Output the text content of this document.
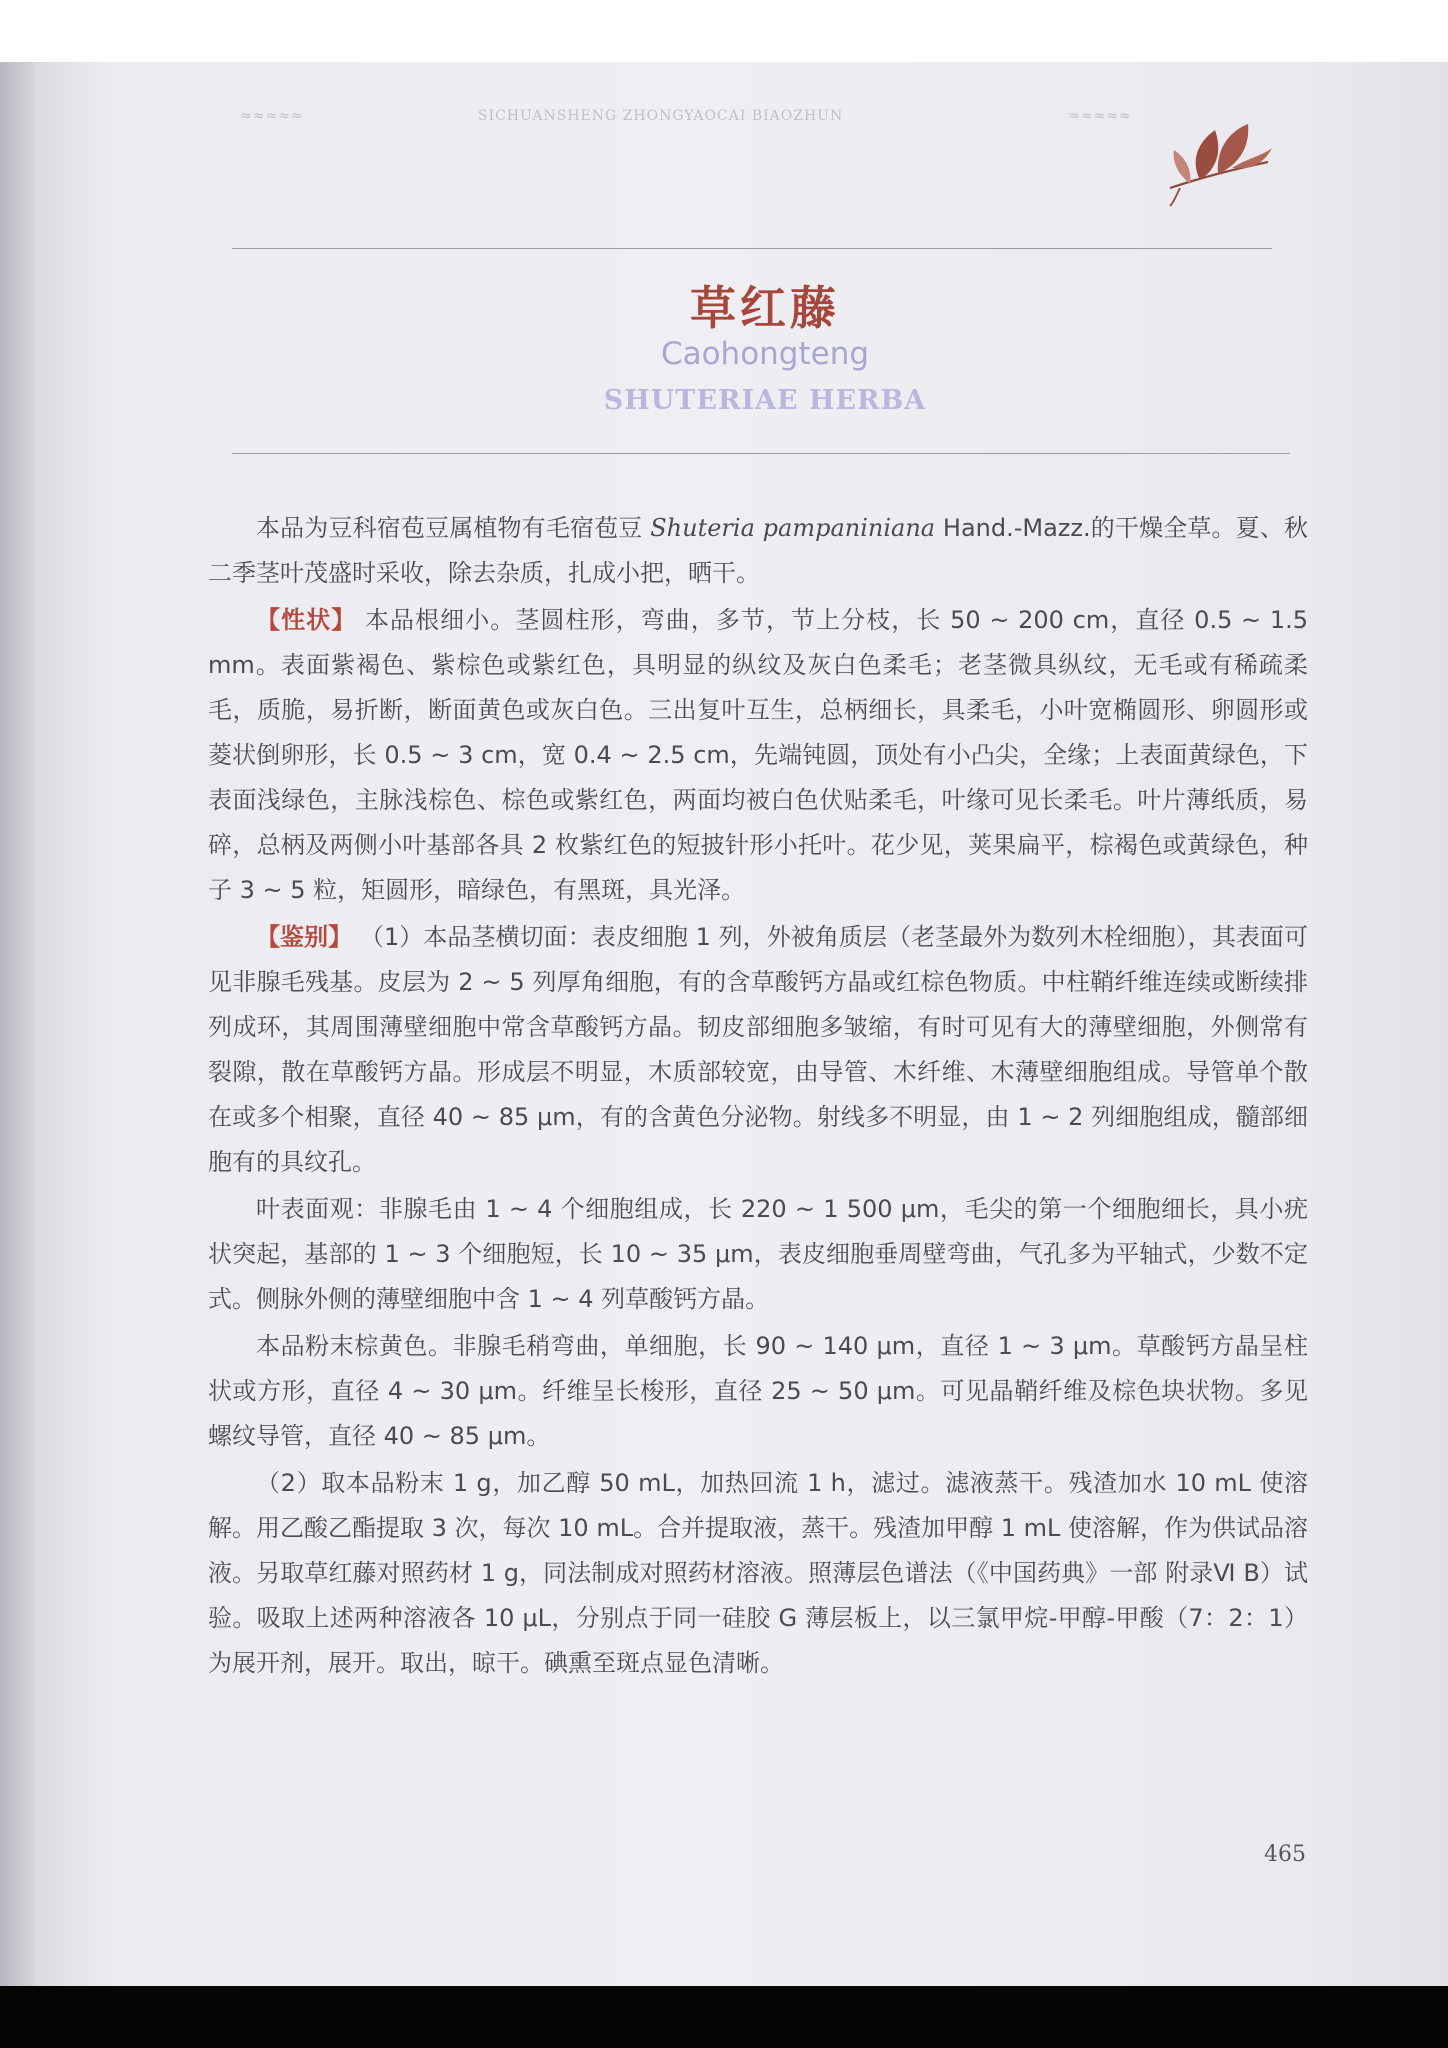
≈≈≈≈≈	SICHUANSHENG ZHONGYAOCAI BIAOZHUN	≈≈≈≈≈
草红藤
Caohongteng
SHUTERIAE HERBA

本品为豆科宿苞豆属植物有毛宿苞豆 Shuteria pampaniniana Hand.-Mazz.的干燥全草。夏、秋二季茎叶茂盛时采收，除去杂质，扎成小把，晒干。

【性状】 本品根细小。茎圆柱形，弯曲，多节，节上分枝，长 50 ~ 200 cm，直径 0.5 ~ 1.5 mm。表面紫褐色、紫棕色或紫红色，具明显的纵纹及灰白色柔毛；老茎微具纵纹，无毛或有稀疏柔毛，质脆，易折断，断面黄色或灰白色。三出复叶互生，总柄细长，具柔毛，小叶宽椭圆形、卵圆形或菱状倒卵形，长 0.5 ~ 3 cm，宽 0.4 ~ 2.5 cm，先端钝圆，顶处有小凸尖，全缘；上表面黄绿色，下表面浅绿色，主脉浅棕色、棕色或紫红色，两面均被白色伏贴柔毛，叶缘可见长柔毛。叶片薄纸质，易碎，总柄及两侧小叶基部各具 2 枚紫红色的短披针形小托叶。花少见，荚果扁平，棕褐色或黄绿色，种子 3 ~ 5 粒，矩圆形，暗绿色，有黑斑，具光泽。

【鉴别】 （1）本品茎横切面：表皮细胞 1 列，外被角质层（老茎最外为数列木栓细胞），其表面可见非腺毛残基。皮层为 2 ~ 5 列厚角细胞，有的含草酸钙方晶或红棕色物质。中柱鞘纤维连续或断续排列成环，其周围薄壁细胞中常含草酸钙方晶。韧皮部细胞多皱缩，有时可见有大的薄壁细胞，外侧常有裂隙，散在草酸钙方晶。形成层不明显，木质部较宽，由导管、木纤维、木薄壁细胞组成。导管单个散在或多个相聚，直径 40 ~ 85 μm，有的含黄色分泌物。射线多不明显，由 1 ~ 2 列细胞组成，髓部细胞有的具纹孔。

叶表面观：非腺毛由 1 ~ 4 个细胞组成，长 220 ~ 1 500 μm，毛尖的第一个细胞细长，具小疣状突起，基部的 1 ~ 3 个细胞短，长 10 ~ 35 μm，表皮细胞垂周壁弯曲，气孔多为平轴式，少数不定式。侧脉外侧的薄壁细胞中含 1 ~ 4 列草酸钙方晶。

本品粉末棕黄色。非腺毛稍弯曲，单细胞，长 90 ~ 140 μm，直径 1 ~ 3 μm。草酸钙方晶呈柱状或方形，直径 4 ~ 30 μm。纤维呈长梭形，直径 25 ~ 50 μm。可见晶鞘纤维及棕色块状物。多见螺纹导管，直径 40 ~ 85 μm。

（2）取本品粉末 1 g，加乙醇 50 mL，加热回流 1 h，滤过。滤液蒸干。残渣加水 10 mL 使溶解。用乙酸乙酯提取 3 次，每次 10 mL。合并提取液，蒸干。残渣加甲醇 1 mL 使溶解，作为供试品溶液。另取草红藤对照药材 1 g，同法制成对照药材溶液。照薄层色谱法（《中国药典》一部 附录Ⅵ B）试验。吸取上述两种溶液各 10 μL，分别点于同一硅胶 G 薄层板上，以三氯甲烷-甲醇-甲酸（7：2：1）为展开剂，展开。取出，晾干。碘熏至斑点显色清晰。

465
